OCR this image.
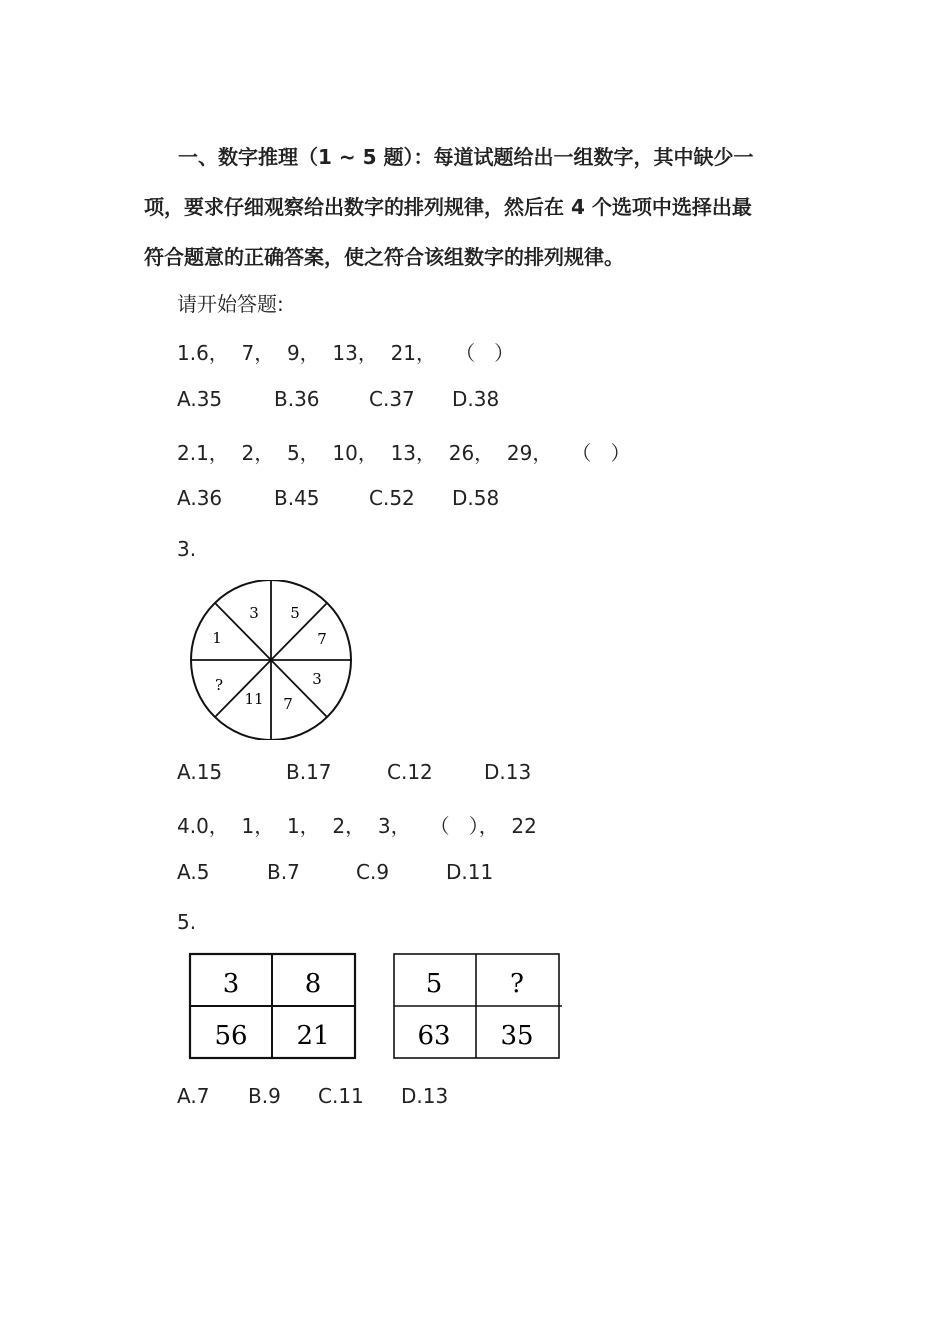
一、数字推理（1 ~ 5 题）：每道试题给出一组数字，其中缺少一
项，要求仔细观察给出数字的排列规律，然后在 4 个选项中选择出最
符合题意的正确答案，使之符合该组数字的排列规律。
请开始答题:
1.6，  7，  9，  13，  21，   （   ）
A.35	B.36 C.37 D.38
2.1，  2，  5，  10，  13，  26，  29，   （   ）
A.36	B.45 C.52 D.58
3.
3 5
7
3
7
11
?
1
A.15	B.17	C.12	D.13
4.0，  1，  1，  2，  3，   （   ），  22
A.5	B.7	C.9	D.11
5.
3	8
56 21
5	?
63 35
A.7 B.9 C.11 D.13
